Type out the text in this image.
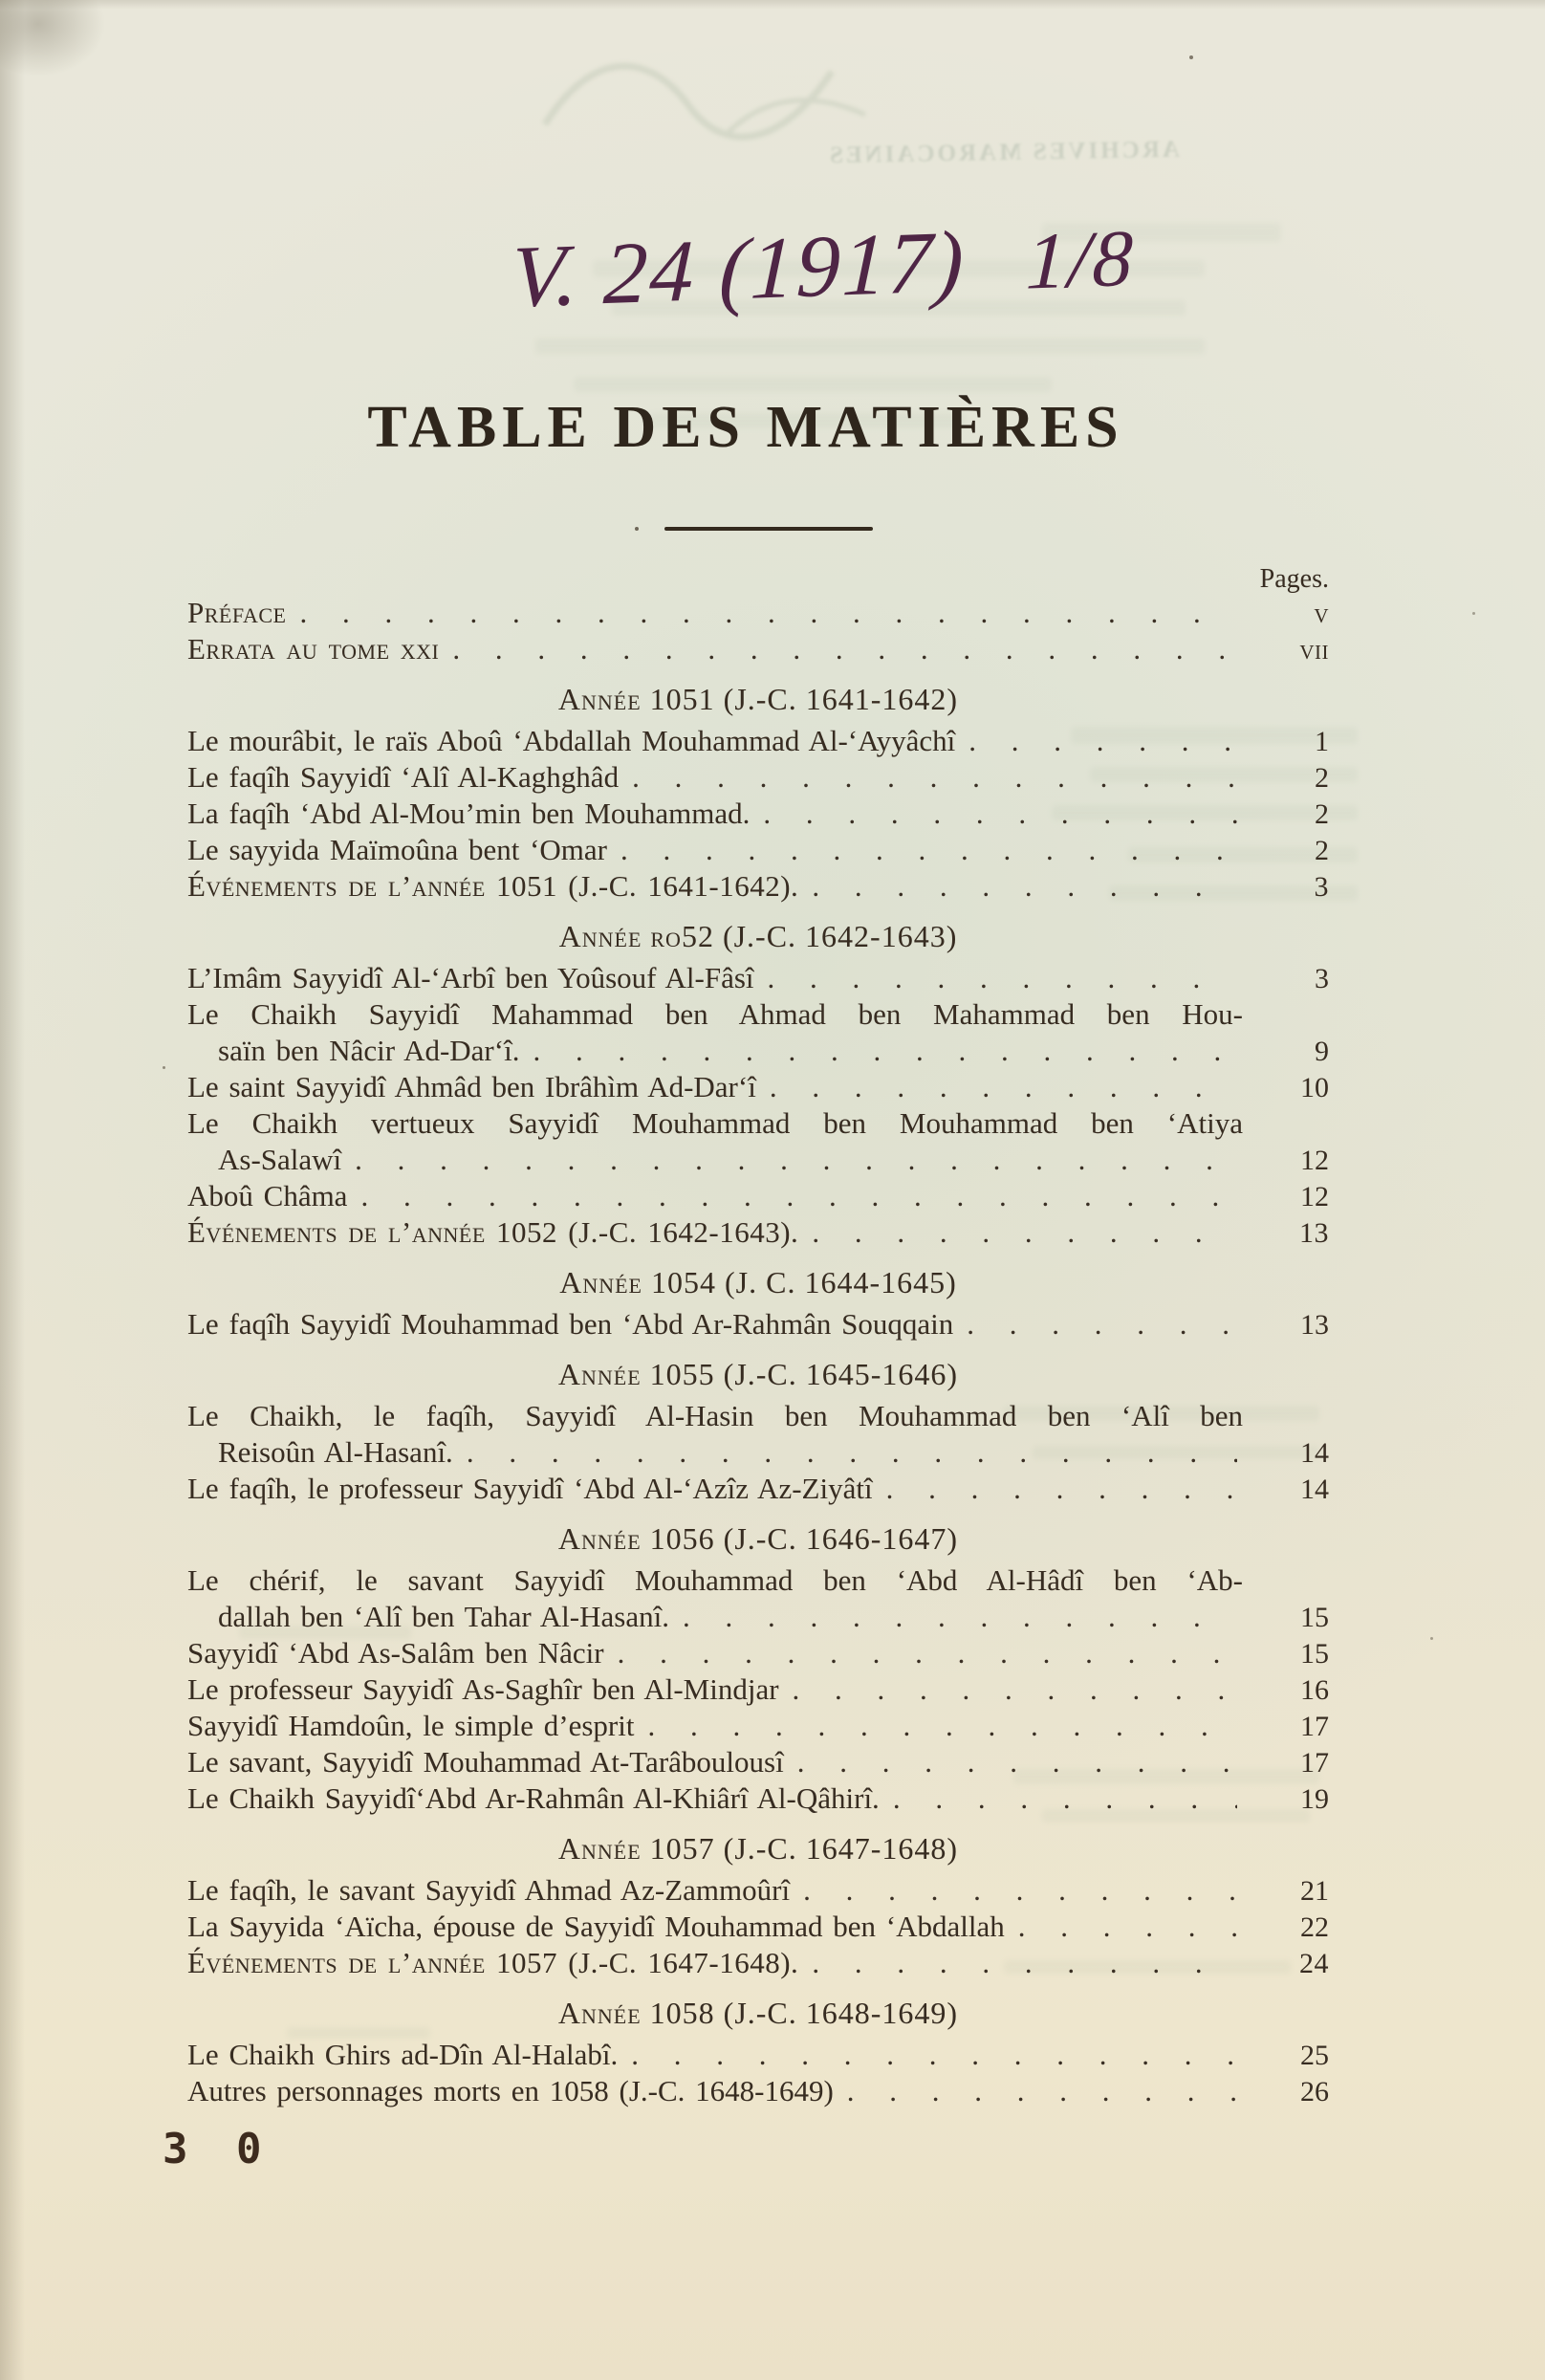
ARCHIVES MAROCAINES
V. 24 (1917) 1/8
TABLE DES MATIÈRES
Pages.
Préface . . .	v
Errata au tome xxi . . .	vii
Année 1051 (J.-C. 1641-1642)
Le mourâbit, le raïs Aboû ‘Abdallah Mouhammad Al-‘Ayyâchî . . .	1
Le faqîh Sayyidî ‘Alî Al-Kaghghâd . . .	2
La faqîh ‘Abd Al-Mou’min ben Mouhammad. . . .	2
Le sayyida Maïmoûna bent ‘Omar . . .	2
Événements de l’année 1051 (J.-C. 1641-1642). . . .	3
Année ro52 (J.-C. 1642-1643)
L’Imâm Sayyidî Al-‘Arbî ben Yoûsouf Al-Fâsî . . .	3
Le Chaikh Sayyidî Mahammad ben Ahmad ben Mahammad ben Hou-
saïn ben Nâcir Ad-Dar‘î. . . .	9
Le saint Sayyidî Ahmâd ben Ibrâhìm Ad-Dar‘î . . .	10
Le Chaikh vertueux Sayyidî Mouhammad ben Mouhammad ben ‘Atiya
As-Salawî . . .	12
Aboû Châma . . .	12
Événements de l’année 1052 (J.-C. 1642-1643). . . .	13
Année 1054 (J. C. 1644-1645)
Le faqîh Sayyidî Mouhammad ben ‘Abd Ar-Rahmân Souqqain . . .	13
Année 1055 (J.-C. 1645-1646)
Le Chaikh, le faqîh, Sayyidî Al-Hasin ben Mouhammad ben ‘Alî ben
Reisoûn Al-Hasanî. . . .	14
Le faqîh, le professeur Sayyidî ‘Abd Al-‘Azîz Az-Ziyâtî . . .	14
Année 1056 (J.-C. 1646-1647)
Le chérif, le savant Sayyidî Mouhammad ben ‘Abd Al-Hâdî ben ‘Ab-
dallah ben ‘Alî ben Tahar Al-Hasanî. . . .	15
Sayyidî ‘Abd As-Salâm ben Nâcir . . .	15
Le professeur Sayyidî As-Saghîr ben Al-Mindjar . . .	16
Sayyidî Hamdoûn, le simple d’esprit . . .	17
Le savant, Sayyidî Mouhammad At-Tarâboulousî . . .	17
Le Chaikh Sayyidî‘Abd Ar-Rahmân Al-Khiârî Al-Qâhirî. . . .	19
Année 1057 (J.-C. 1647-1648)
Le faqîh, le savant Sayyidî Ahmad Az-Zammoûrî . . .	21
La Sayyida ‘Aïcha, épouse de Sayyidî Mouhammad ben ‘Abdallah . . .	22
Événements de l’année 1057 (J.-C. 1647-1648). . . .	24
Année 1058 (J.-C. 1648-1649)
Le Chaikh Ghirs ad-Dîn Al-Halabî. . . .	25
Autres personnages morts en 1058 (J.-C. 1648-1649) . . .	26
3 0
